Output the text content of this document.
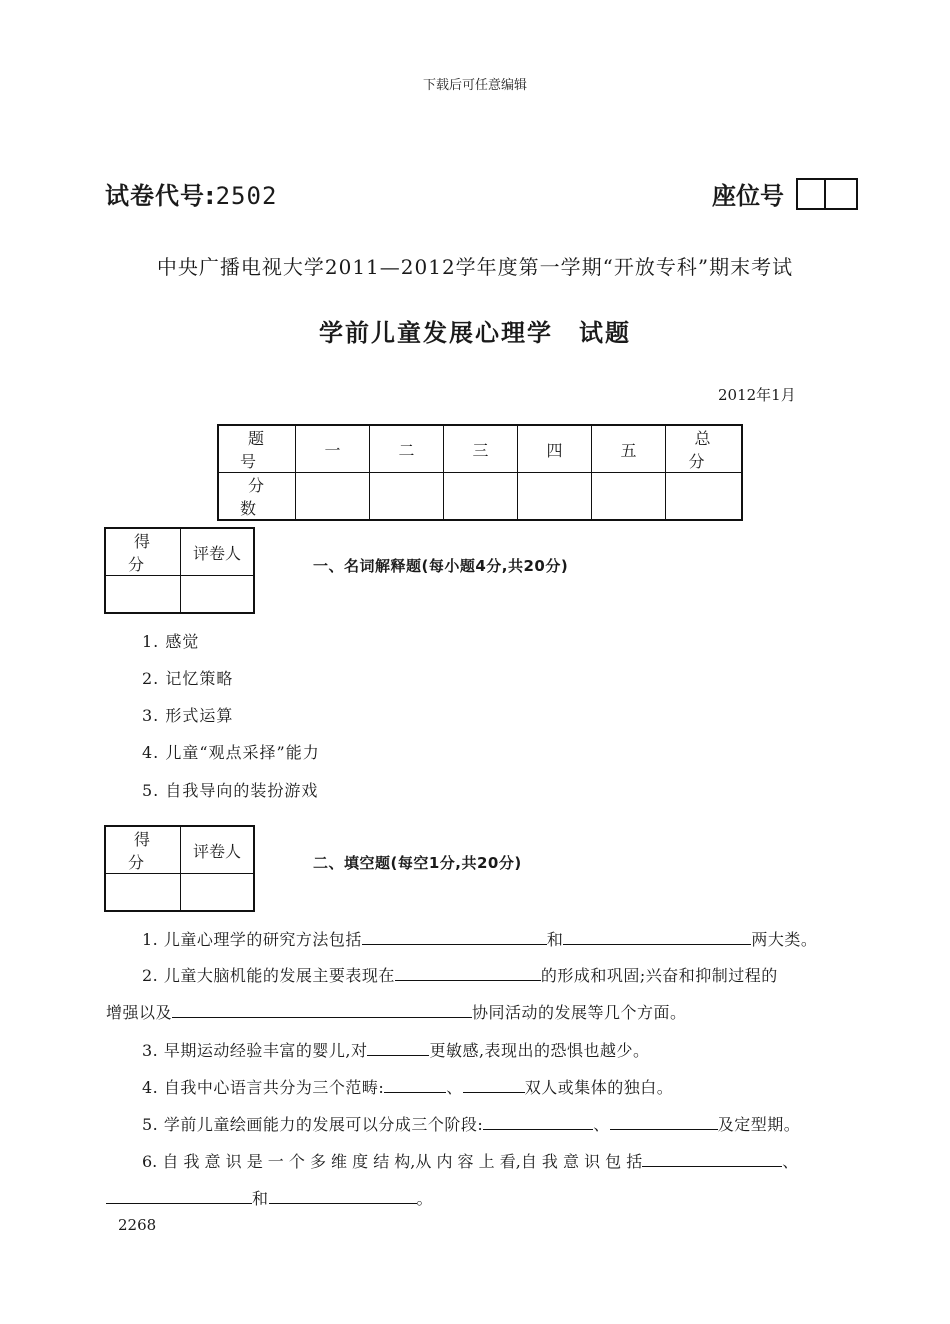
下载后可任意编辑
试卷代号:2502	座位号
中央广播电视大学2011—2012学年度第一学期“开放专科”期末考试
学前儿童发展心理学　试题
2012年1月
题 号	一	二	三	四	五	总 分
分 数						
得 分	评卷人

一、名词解释题(每小题4分,共20分)
1. 感觉
2. 记忆策略
3. 形式运算
4. 儿童“观点采择”能力
5. 自我导向的装扮游戏
得 分	评卷人

二、填空题(每空1分,共20分)
1. 儿童心理学的研究方法包括	和	两大类。
2. 儿童大脑机能的发展主要表现在	的形成和巩固;兴奋和抑制过程的
增强以及	协同活动的发展等几个方面。
3. 早期运动经验丰富的婴儿,对	更敏感,表现出的恐惧也越少。
4. 自我中心语言共分为三个范畴:	、	双人或集体的独白。
5. 学前儿童绘画能力的发展可以分成三个阶段:	、	及定型期。
6. 自 我 意 识 是 一 个 多 维 度 结 构,从 内 容 上 看,自 我 意 识 包 括	、
和	。
2268
